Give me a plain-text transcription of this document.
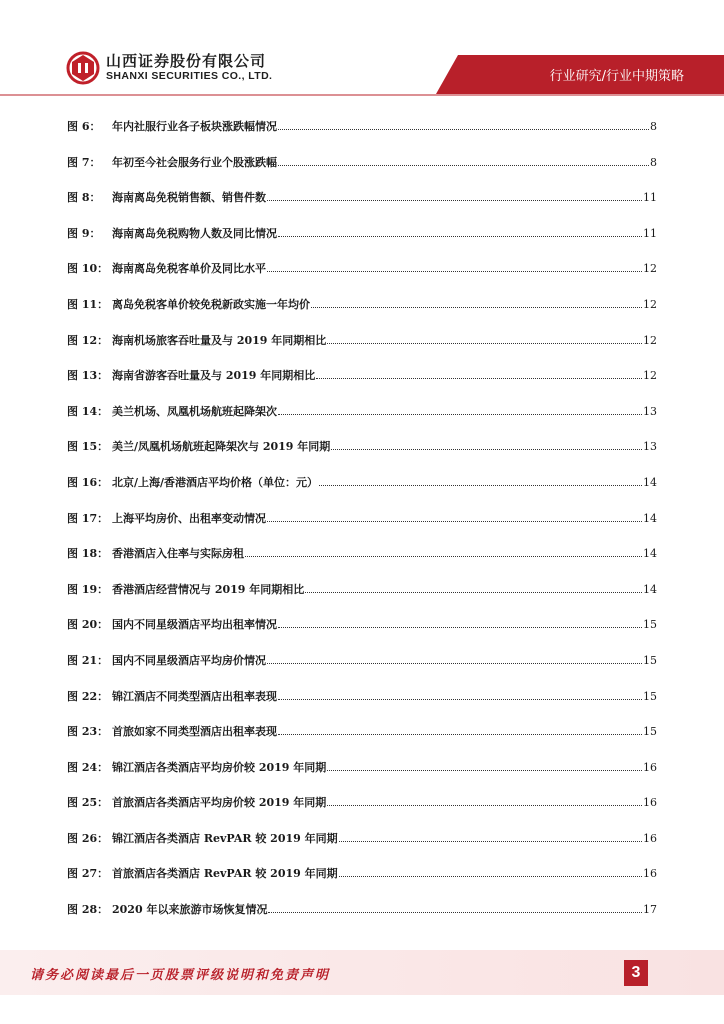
山西证券股份有限公司
SHANXI SECURITIES CO., LTD.	行业研究/行业中期策略
图 6：	年内社服行业各子板块涨跌幅情况	8
图 7：	年初至今社会服务行业个股涨跌幅	8
图 8：	海南离岛免税销售额、销售件数	11
图 9：	海南离岛免税购物人数及同比情况	11
图 10： 海南离岛免税客单价及同比水平	12
图 11： 离岛免税客单价较免税新政实施一年均价	12
图 12： 海南机场旅客吞吐量及与 2019 年同期相比	12
图 13： 海南省游客吞吐量及与 2019 年同期相比	12
图 14： 美兰机场、凤凰机场航班起降架次	13
图 15： 美兰/凤凰机场航班起降架次与 2019 年同期	13
图 16： 北京/上海/香港酒店平均价格（单位：元）	14
图 17： 上海平均房价、出租率变动情况	14
图 18： 香港酒店入住率与实际房租	14
图 19： 香港酒店经营情况与 2019 年同期相比	14
图 20： 国内不同星级酒店平均出租率情况	15
图 21： 国内不同星级酒店平均房价情况	15
图 22： 锦江酒店不同类型酒店出租率表现	15
图 23： 首旅如家不同类型酒店出租率表现	15
图 24： 锦江酒店各类酒店平均房价较 2019 年同期	16
图 25： 首旅酒店各类酒店平均房价较 2019 年同期	16
图 26： 锦江酒店各类酒店 RevPAR 较 2019 年同期	16
图 27： 首旅酒店各类酒店 RevPAR 较 2019 年同期	16
图 28： 2020 年以来旅游市场恢复情况	17
请务必阅读最后一页股票评级说明和免责声明	3
